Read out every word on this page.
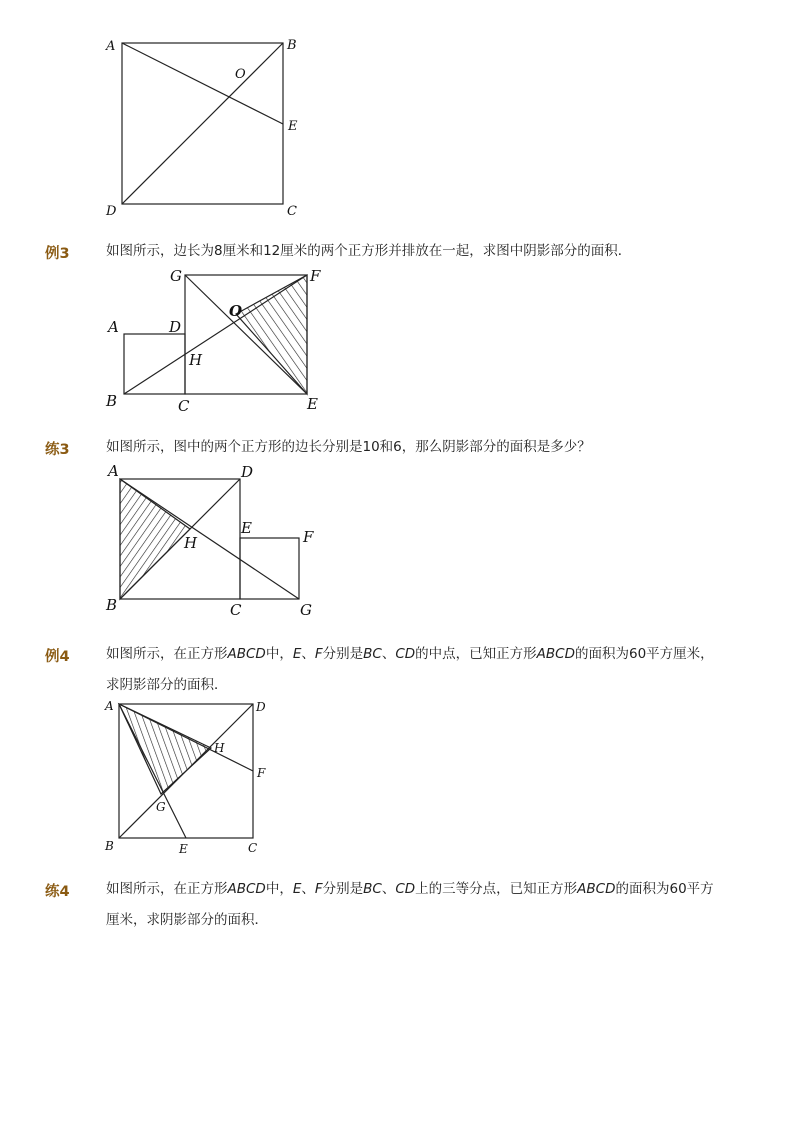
A	B
O
E
D	C
例3	如图所示，边长为8厘米和12厘米的两个正方形并排放在一起，求图中阴影部分的面积．
G	F
A	D
O
H
B	C	E
练3	如图所示，图中的两个正方形的边长分别是10和6，那么阴影部分的面积是多少？
A	D
E	F
H
B	C	G
例4	如图所示，在正方形ABCD中，E、F分别是BC、CD的中点，已知正方形ABCD的面积为60平方厘米，求阴影部分的面积．
A	D
H
F
G
B	E	C
练4	如图所示，在正方形ABCD中，E、F分别是BC、CD上的三等分点，已知正方形ABCD的面积为60平方厘米，求阴影部分的面积．
